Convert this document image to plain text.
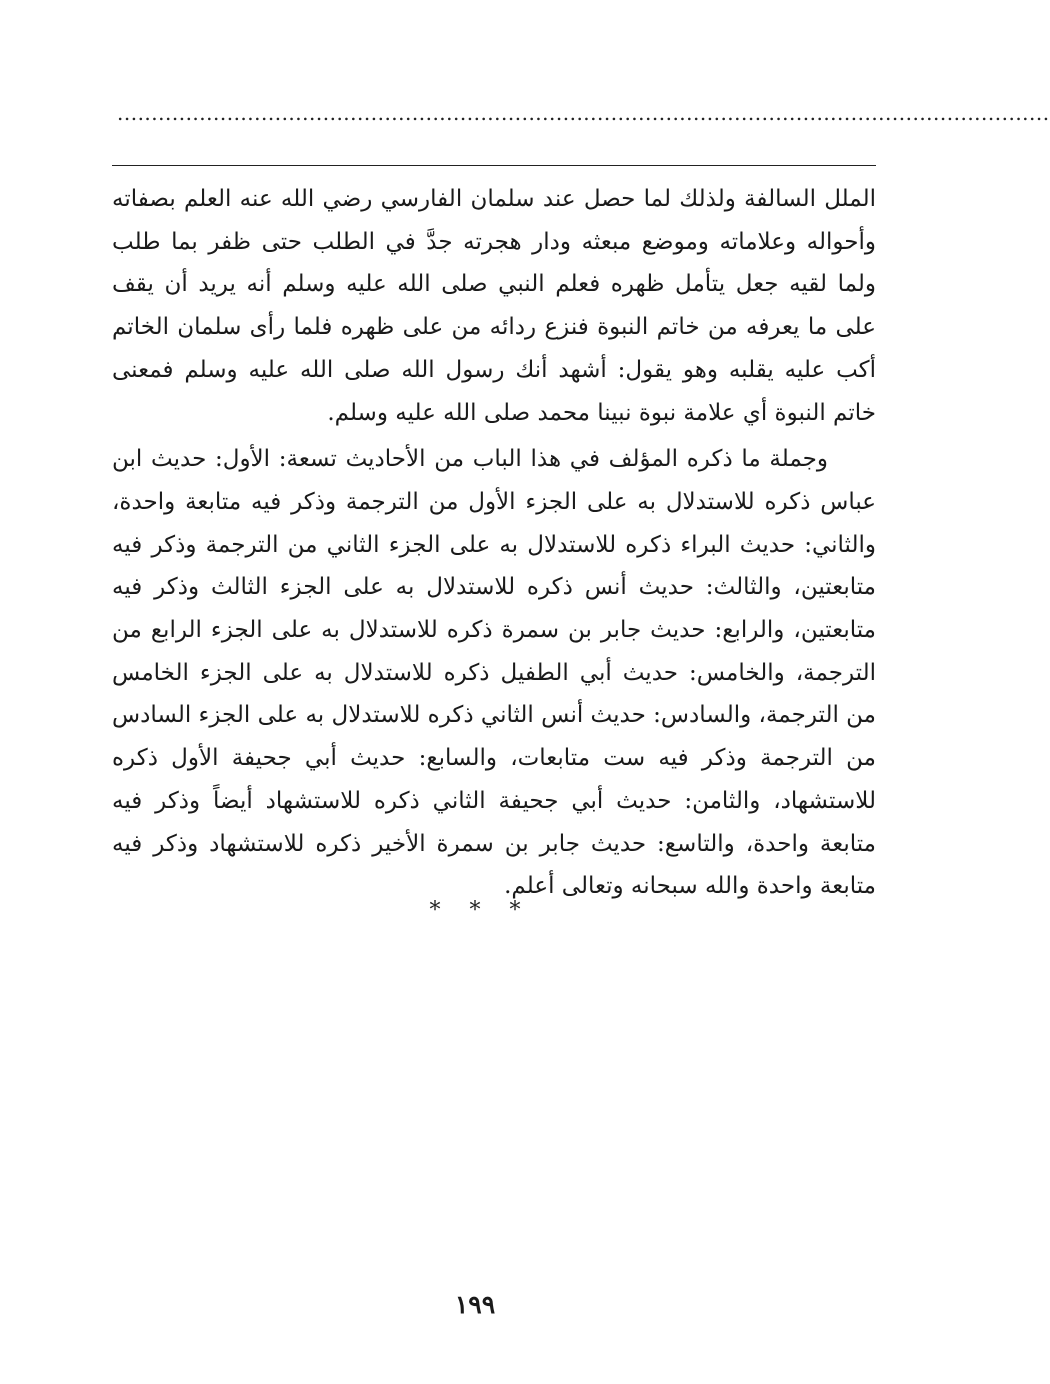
........................................................................................................................................

الملل السالفة ولذلك لما حصل عند سلمان الفارسي رضي الله عنه العلم بصفاته وأحواله وعلاماته وموضع مبعثه ودار هجرته جدَّ في الطلب حتى ظفر بما طلب ولما لقيه جعل يتأمل ظهره فعلم النبي صلى الله عليه وسلم أنه يريد أن يقف على ما يعرفه من خاتم النبوة فنزع ردائه من على ظهره فلما رأى سلمان الخاتم أكب عليه يقلبه وهو يقول: أشهد أنك رسول الله صلى الله عليه وسلم فمعنى خاتم النبوة أي علامة نبوة نبينا محمد صلى الله عليه وسلم.

وجملة ما ذكره المؤلف في هذا الباب من الأحاديث تسعة: الأول: حديث ابن عباس ذكره للاستدلال به على الجزء الأول من الترجمة وذكر فيه متابعة واحدة، والثاني: حديث البراء ذكره للاستدلال به على الجزء الثاني من الترجمة وذكر فيه متابعتين، والثالث: حديث أنس ذكره للاستدلال به على الجزء الثالث وذكر فيه متابعتين، والرابع: حديث جابر بن سمرة ذكره للاستدلال به على الجزء الرابع من الترجمة، والخامس: حديث أبي الطفيل ذكره للاستدلال به على الجزء الخامس من الترجمة، والسادس: حديث أنس الثاني ذكره للاستدلال به على الجزء السادس من الترجمة وذكر فيه ست متابعات، والسابع: حديث أبي جحيفة الأول ذكره للاستشهاد، والثامن: حديث أبي جحيفة الثاني ذكره للاستشهاد أيضاً وذكر فيه متابعة واحدة، والتاسع: حديث جابر بن سمرة الأخير ذكره للاستشهاد وذكر فيه متابعة واحدة والله سبحانه وتعالى أعلم.

* * *
١٩٩
